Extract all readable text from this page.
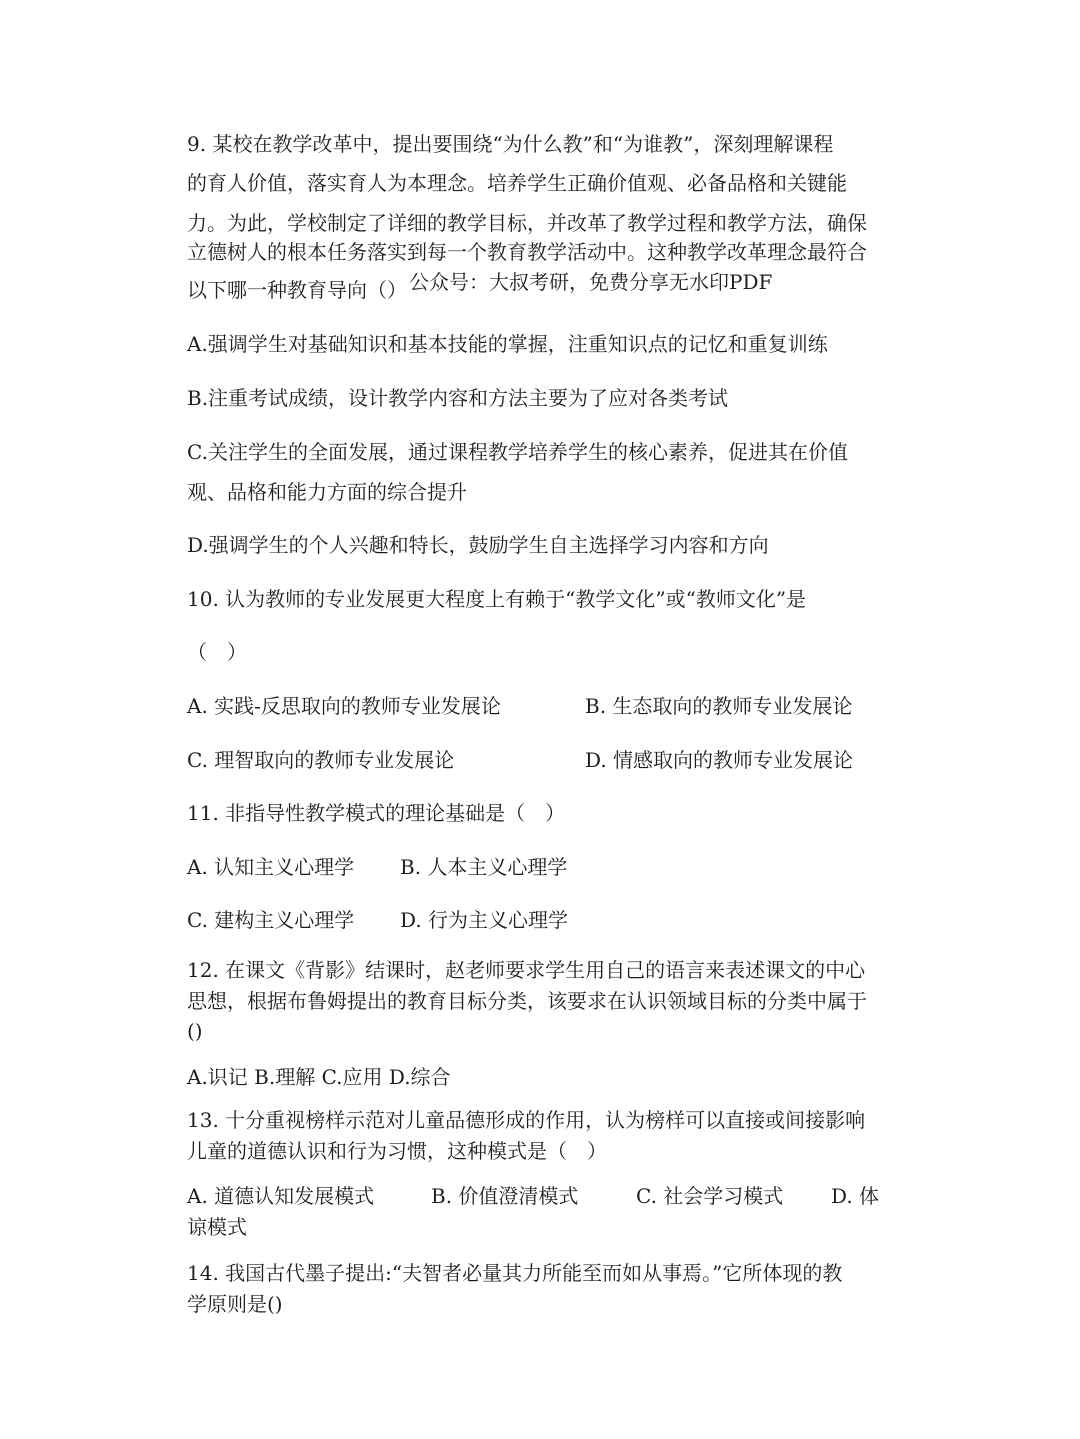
9. 某校在教学改革中，提出要围绕“为什么教”和“为谁教”，深刻理解课程
的育人价值，落实育人为本理念。培养学生正确价值观、必备品格和关键能
力。为此，学校制定了详细的教学目标，并改革了教学过程和教学方法，确保
立德树人的根本任务落实到每一个教育教学活动中。这种教学改革理念最符合
以下哪一种教育导向（） 公众号：大叔考研，免费分享无水印PDF
A.强调学生对基础知识和基本技能的掌握，注重知识点的记忆和重复训练
B.注重考试成绩，设计教学内容和方法主要为了应对各类考试
C.关注学生的全面发展，通过课程教学培养学生的核心素养，促进其在价值
观、品格和能力方面的综合提升
D.强调学生的个人兴趣和特长，鼓励学生自主选择学习内容和方向
10. 认为教师的专业发展更大程度上有赖于“教学文化”或“教师文化”是
（　）
A. 实践-反思取向的教师专业发展论	B. 生态取向的教师专业发展论
C. 理智取向的教师专业发展论	D. 情感取向的教师专业发展论
11. 非指导性教学模式的理论基础是（　）
A. 认知主义心理学 B. 人本主义心理学
C. 建构主义心理学 D. 行为主义心理学
12. 在课文《背影》结课时，赵老师要求学生用自己的语言来表述课文的中心
思想，根据布鲁姆提出的教育目标分类，该要求在认识领域目标的分类中属于
()
A.识记 B.理解 C.应用 D.综合
13. 十分重视榜样示范对儿童品德形成的作用，认为榜样可以直接或间接影响
儿童的道德认识和行为习惯，这种模式是（　）
A. 道德认知发展模式	B. 价值澄清模式	C. 社会学习模式 D. 体
谅模式
14. 我国古代墨子提出:“夫智者必量其力所能至而如从事焉。”它所体现的教
学原则是()
